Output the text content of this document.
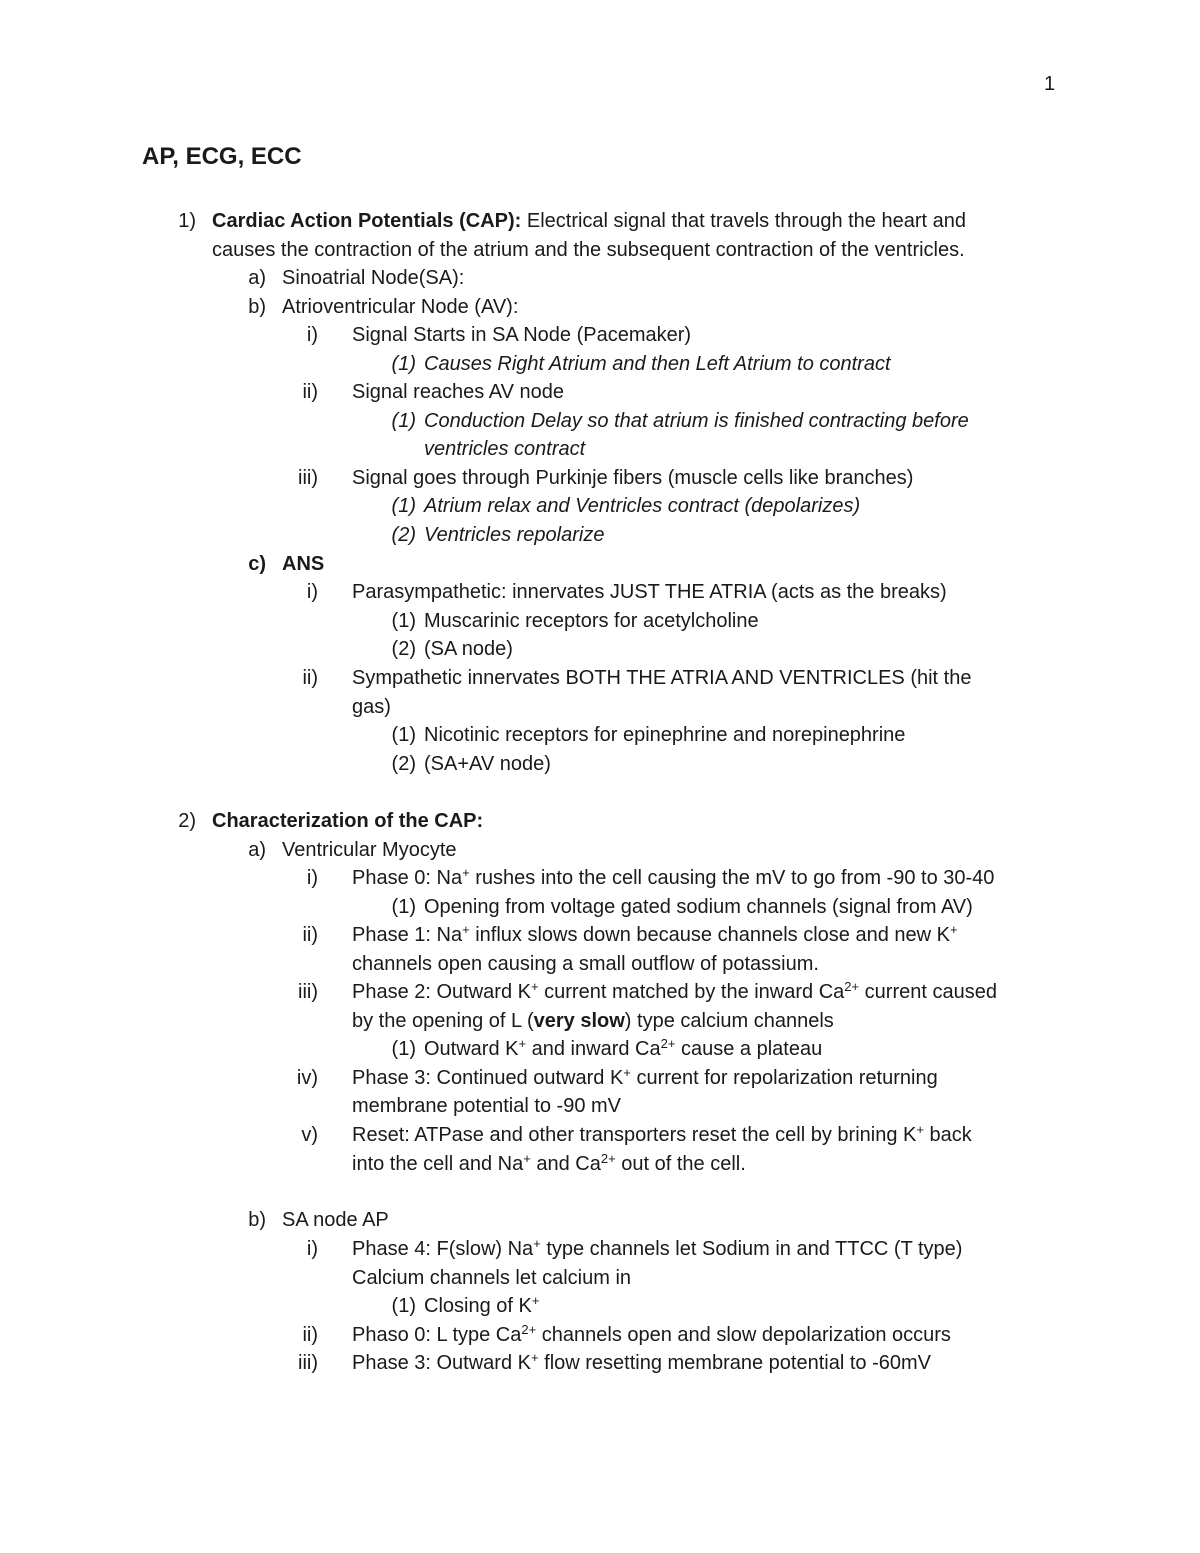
1
AP, ECG, ECC
1) Cardiac Action Potentials (CAP): Electrical signal that travels through the heart and
causes the contraction of the atrium and the subsequent contraction of the ventricles.
a) Sinoatrial Node(SA):
b) Atrioventricular Node (AV):
i) Signal Starts in SA Node (Pacemaker)
(1) Causes Right Atrium and then Left Atrium to contract
ii) Signal reaches AV node
(1) Conduction Delay so that atrium is finished contracting before
ventricles contract
iii) Signal goes through Purkinje fibers (muscle cells like branches)
(1) Atrium relax and Ventricles contract (depolarizes)
(2) Ventricles repolarize
c) ANS
i) Parasympathetic: innervates JUST THE ATRIA (acts as the breaks)
(1) Muscarinic receptors for acetylcholine
(2) (SA node)
ii) Sympathetic innervates BOTH THE ATRIA AND VENTRICLES (hit the
gas)
(1) Nicotinic receptors for epinephrine and norepinephrine
(2) (SA+AV node)
2) Characterization of the CAP:
a) Ventricular Myocyte
i) Phase 0: Na+ rushes into the cell causing the mV to go from -90 to 30-40
(1) Opening from voltage gated sodium channels (signal from AV)
ii) Phase 1: Na+ influx slows down because channels close and new K+
channels open causing a small outflow of potassium.
iii) Phase 2: Outward K+ current matched by the inward $Ca^{2+}$ current caused
by the opening of L (very slow) type calcium channels
(1) Outward K+ and inward $Ca^{2+}$ cause a plateau
iv) Phase 3: Continued outward K+ current for repolarization returning
membrane potential to -90 mV
v) Reset: ATPase and other transporters reset the cell by brining K+ back
into the cell and Na+ and $Ca^{2+}$ out of the cell.
b) SA node AP
i) Phase 4: F(slow) Na+ type channels let Sodium in and TTCC (T type)
Calcium channels let calcium in
(1) Closing of K+
ii) Phaso 0: L type $Ca^{2+}$ channels open and slow depolarization occurs
iii) Phase 3: Outward K+ flow resetting membrane potential to -60mV
